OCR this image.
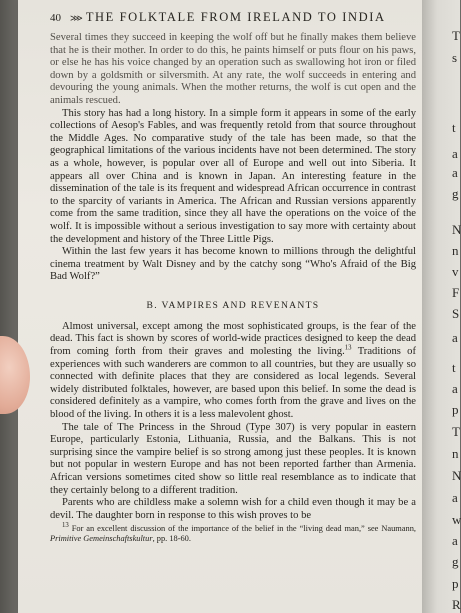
40	⋙ THE FOLKTALE FROM IRELAND TO INDIA

Several times they succeed in keeping the wolf off but he finally makes them believe that he is their mother. In order to do this, he paints himself or puts flour on his paws, or else he has his voice changed by an operation such as swallowing hot iron or filed down by a goldsmith or silversmith. At any rate, the wolf succeeds in entering and devouring the young animals. When the mother returns, the wolf is cut open and the animals rescued.

This story has had a long history. In a simple form it appears in some of the early collections of Aesop's Fables, and was frequently retold from that source throughout the Middle Ages. No comparative study of the tale has been made, so that the geographical limitations of the various incidents have not been determined. The story as a whole, however, is popular over all of Europe and well out into Siberia. It appears all over China and is known in Japan. An interesting feature in the dissemination of the tale is its frequent and widespread African occurrence in contrast to the sparcity of variants in America. The African and Russian versions apparently come from the same tradition, since they all have the operations on the voice of the wolf. It is impossible without a serious investigation to say more with certainty about the development and history of the Three Little Pigs.

Within the last few years it has become known to millions through the delightful cinema treatment by Walt Disney and by the catchy song “Who's Afraid of the Big Bad Wolf?”

B. VAMPIRES AND REVENANTS

Almost universal, except among the most sophisticated groups, is the fear of the dead. This fact is shown by scores of world-wide practices designed to keep the dead from coming forth from their graves and molesting the living.$^{13}$ Traditions of experiences with such wanderers are common to all countries, but they are usually so connected with definite places that they are considered as local legends. Several widely distributed folktales, however, are based upon this belief. In some the dead is considered definitely as a vampire, who comes forth from the grave and lives on the blood of the living. In others it is a less malevolent ghost.

The tale of The Princess in the Shroud (Type 307) is very popular in eastern Europe, particularly Estonia, Lithuania, Russia, and the Balkans. This is not surprising since the vampire belief is so strong among just these peoples. It is known but not popular in western Europe and has not been reported farther than Armenia. African versions sometimes cited show so little real resemblance as to indicate that they certainly belong to a different tradition.

Parents who are childless make a solemn wish for a child even though it may be a devil. The daughter born in response to this wish proves to be

$^{13}$ For an excellent discussion of the importance of the belief in the “living dead man,” see Naumann, Primitive Gemeinschaftskultur, pp. 18-60.

T
s
t
a
a
g
N
n
v
F
S
a
t
a
p
T
n
N
a
w
a
g
p
R
